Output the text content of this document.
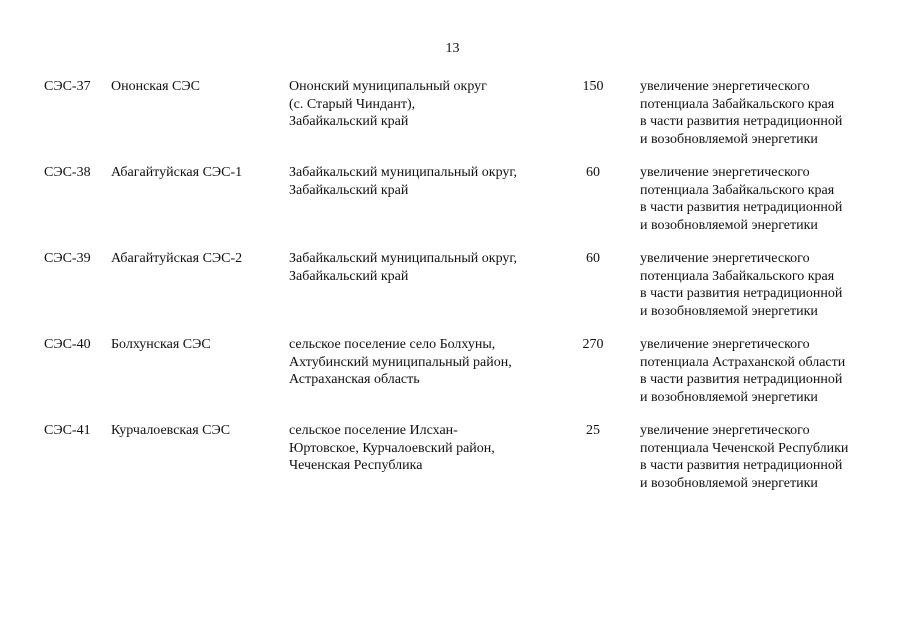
13
СЭС-37	Ононская СЭС	Ононский муниципальный округ
(с. Старый Чиндант),
Забайкальский край
150	увеличение энергетического
потенциала Забайкальского края
в части развития нетрадиционной
и возобновляемой энергетики
СЭС-38	Абагайтуйская СЭС-1	Забайкальский муниципальный округ,
Забайкальский край
60	увеличение энергетического
потенциала Забайкальского края
в части развития нетрадиционной
и возобновляемой энергетики
СЭС-39	Абагайтуйская СЭС-2	Забайкальский муниципальный округ,
Забайкальский край
60	увеличение энергетического
потенциала Забайкальского края
в части развития нетрадиционной
и возобновляемой энергетики
СЭС-40	Болхунская СЭС	сельское поселение село Болхуны,
Ахтубинский муниципальный район,
Астраханская область
270	увеличение энергетического
потенциала Астраханской области
в части развития нетрадиционной
и возобновляемой энергетики
СЭС-41	Курчалоевская СЭС	сельское поселение Илсхан-
Юртовское, Курчалоевский район,
Чеченская Республика
25	увеличение энергетического
потенциала Чеченской Республики
в части развития нетрадиционной
и возобновляемой энергетики
